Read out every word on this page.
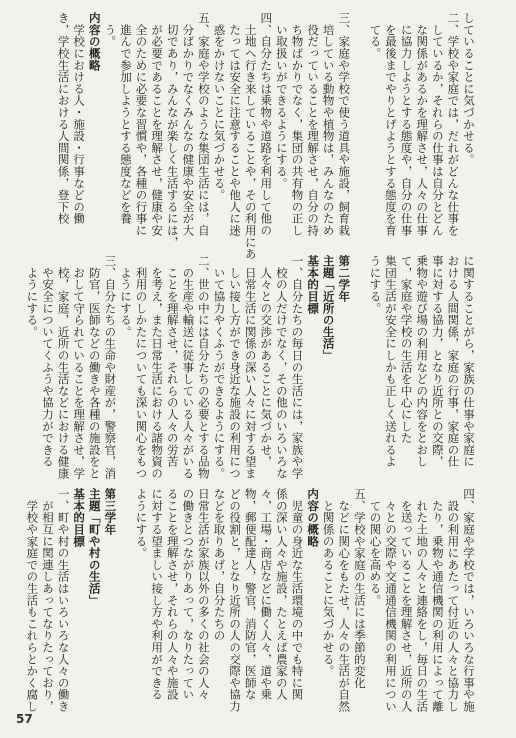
していることに気づかせる。
二、学校や家庭では，だれがどんな仕事を
　しているか，それらの仕事は自分とどん
　な関係があるかを理解させ，人々の仕事
　に協力しようとする態度や，自分の仕事
　を最後までやりとげようとする態度を育
　てる。
三、家庭や学校で使う道具や施設，飼育栽
　培している動物や植物は，みんなのため
　役だっていることを理解させ，自分の持
　ち物ばかりでなく，集団の共有物の正し
　い取扱いができるようにする。
四、自分たちは乗物や道路を利用して他の
　土地へ行き来していることや，その利用にあ
　たっては安全に注意することや他人に迷
　惑をかけないことに気づかせる。
五、家庭や学校のような集団生活には，自
　分ばかりでなくみんなの健康や安全が大
　切であり，みんなが楽しく生活するには，
　が必要であることを理解させ，健康や安
　全のために必要な習慣や，各種の行事に
　進んで参加しようとする態度などを養
　う。
内容の概略
　学校における人・施設・行事などの働
き，学校生活における人間関係，登下校
に関することがら，家族の仕事や家庭に
おける人間関係，家庭の行事，家庭の仕
事に対する協力，となり近所との交際，
乗物や遊び場の利用などの内容をとおし
て，家庭や学校の生活を中心にした
集団生活が安全にしかも正しく送れるよ
うにする。
第二学年
主題「近所の生活」
基本的目標
一、自分たちの毎日の生活には，家族や学
　校の人だけでなく，その他のいろいろな
　人々との交渉があることに気づかせ，
　日常生活に関係の深い人々に対する望ま
　しい接し方ができ身近な施設の利用につ
　いて協力やくふうができるようにする。
二、世の中には自分たちの必要とする品物
　の生産や輸送に従事している人々がいる
　ことを理解させ，それらの人々の労苦
　を考え，また日常生活における諸物資の
　利用のしかたについても深い関心をもつ
　ようにする。
三、自分たちの生命や財産が，警察官，消
　防官，医師などの働きや各種の施設をと
　おして守られていることを理解させ，学
　校，家庭，近所の生活などにおける健康
　や安全についてくふうや協力ができる
　ようにする。
四、家庭や学校では，いろいろな行事や施
　設の利用にあたって付近の人々と協力し
　たり，乗物や通信機関の利用によって離
　れた土地の人々と連絡をし，毎日の生活
　を送っていることを理解させ，近所の人
　々との交際や交通通信機関の利用につい
　ての関心を高める。
五、学校や家庭の生活には季節的変化
　などに関心をもたせ，人々の生活が自然
　と関係のあることに気づかせる。
内容の概略
　児童の身近な生活環境の中でも特に関
係の深い人々や施設，たとえば農家の人
々，工場・商店などに働く人々，道や乗
物，郵便配達人，警官，消防官，医師な
どの役割と，となり近所の人の交際や協力
などを取りあげ，自分たちの
日常生活が家族以外の多くの社会の人々
の働きとつながりあって，なりたってい
ることを理解させ，それらの人々や施設
に対する望ましい接し方や利用ができる
ようにする。
第三学年
主題「町や村の生活」
基本的目標
一、町や村の生活はいろいろな人々の働き
　が相互に関連しあってなりたっており，
　学校や家庭での生活もこれらとかく腐し
57
